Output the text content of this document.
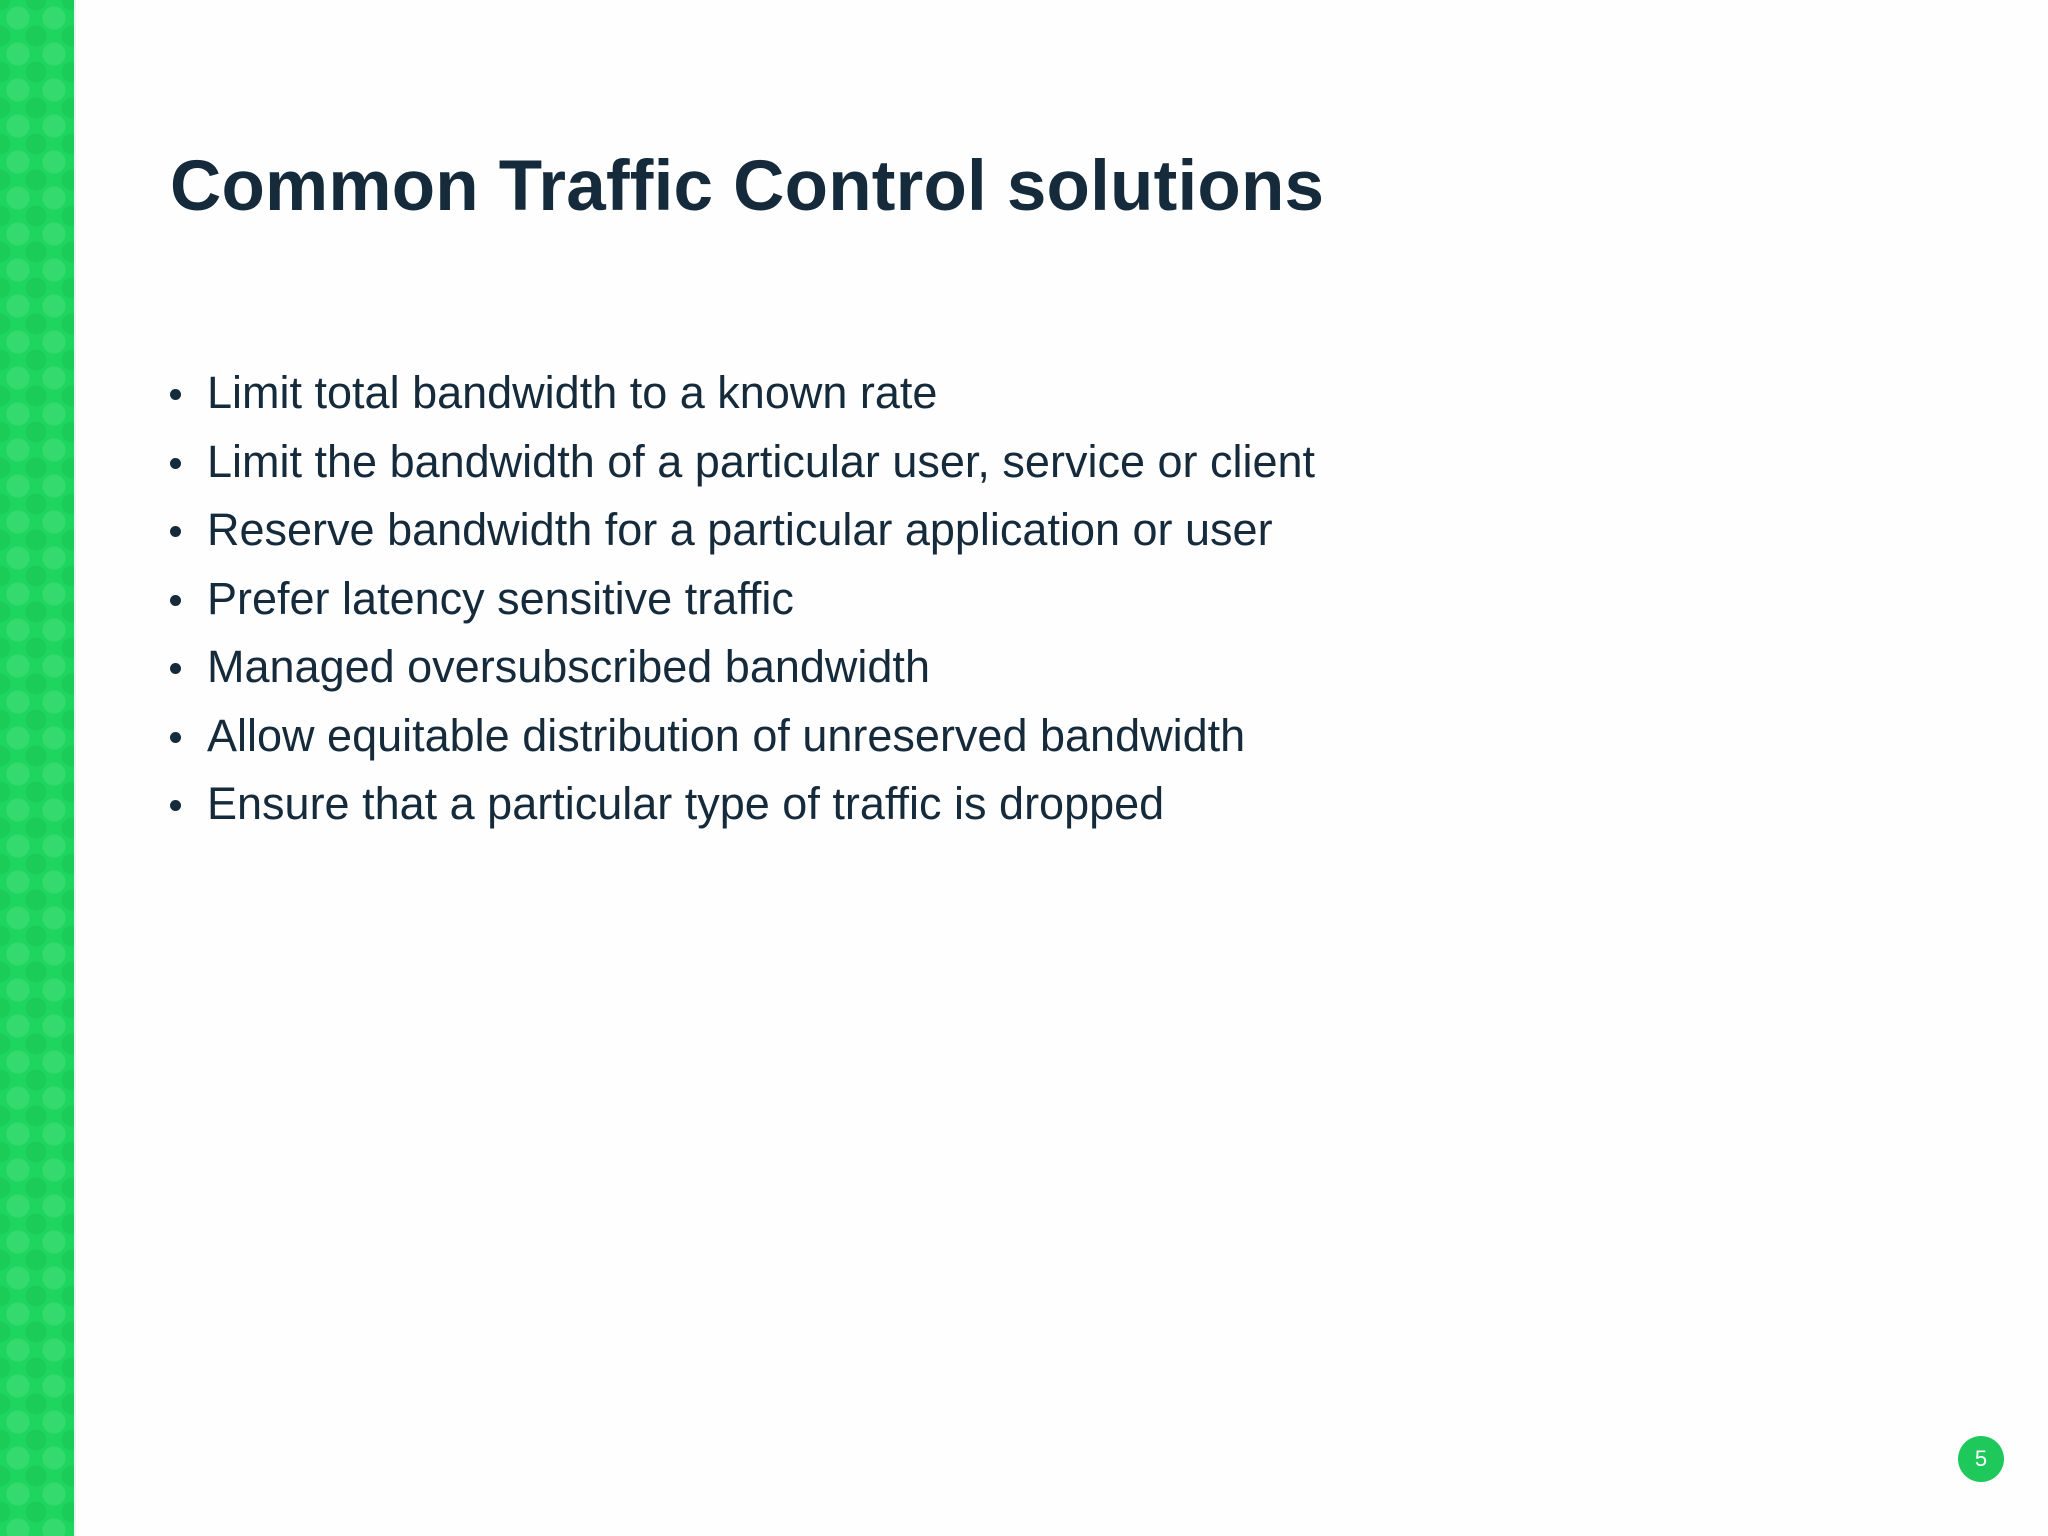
Common Traffic Control solutions
Limit total bandwidth to a known rate
Limit the bandwidth of a particular user, service or client
Reserve bandwidth for a particular application or user
Prefer latency sensitive traffic
Managed oversubscribed bandwidth
Allow equitable distribution of unreserved bandwidth
Ensure that a particular type of traffic is dropped
5
